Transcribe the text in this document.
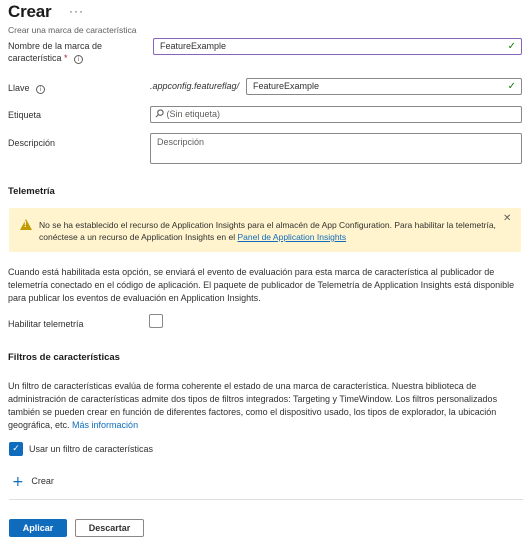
Crear ···
Crear una marca de característica
Nombre de la marca de característica * i
FeatureExample	✓
Llave i	.appconfig.featureflag/	FeatureExample	✓
Etiqueta	(Sin etiqueta)
Descripción	Descripción
Telemetría
! No se ha establecido el recurso de Application Insights para el almacén de App Configuration. Para habilitar la telemetría, conéctese a un recurso de Application Insights en el Panel de Application Insights
✕
Cuando está habilitada esta opción, se enviará el evento de evaluación para esta marca de característica al publicador de telemetría conectado en el código de aplicación. El paquete de publicador de Telemetría de Application Insights está disponible para publicar los eventos de evaluación en Application Insights.
Habilitar telemetría
Filtros de características
Un filtro de características evalúa de forma coherente el estado de una marca de característica. Nuestra biblioteca de administración de características admite dos tipos de filtros integrados: Targeting y TimeWindow. Los filtros personalizados también se pueden crear en función de diferentes factores, como el dispositivo usado, los tipos de explorador, la ubicación geográfica, etc. Más información
✓	Usar un filtro de características
+ Crear
Aplicar	Descartar
